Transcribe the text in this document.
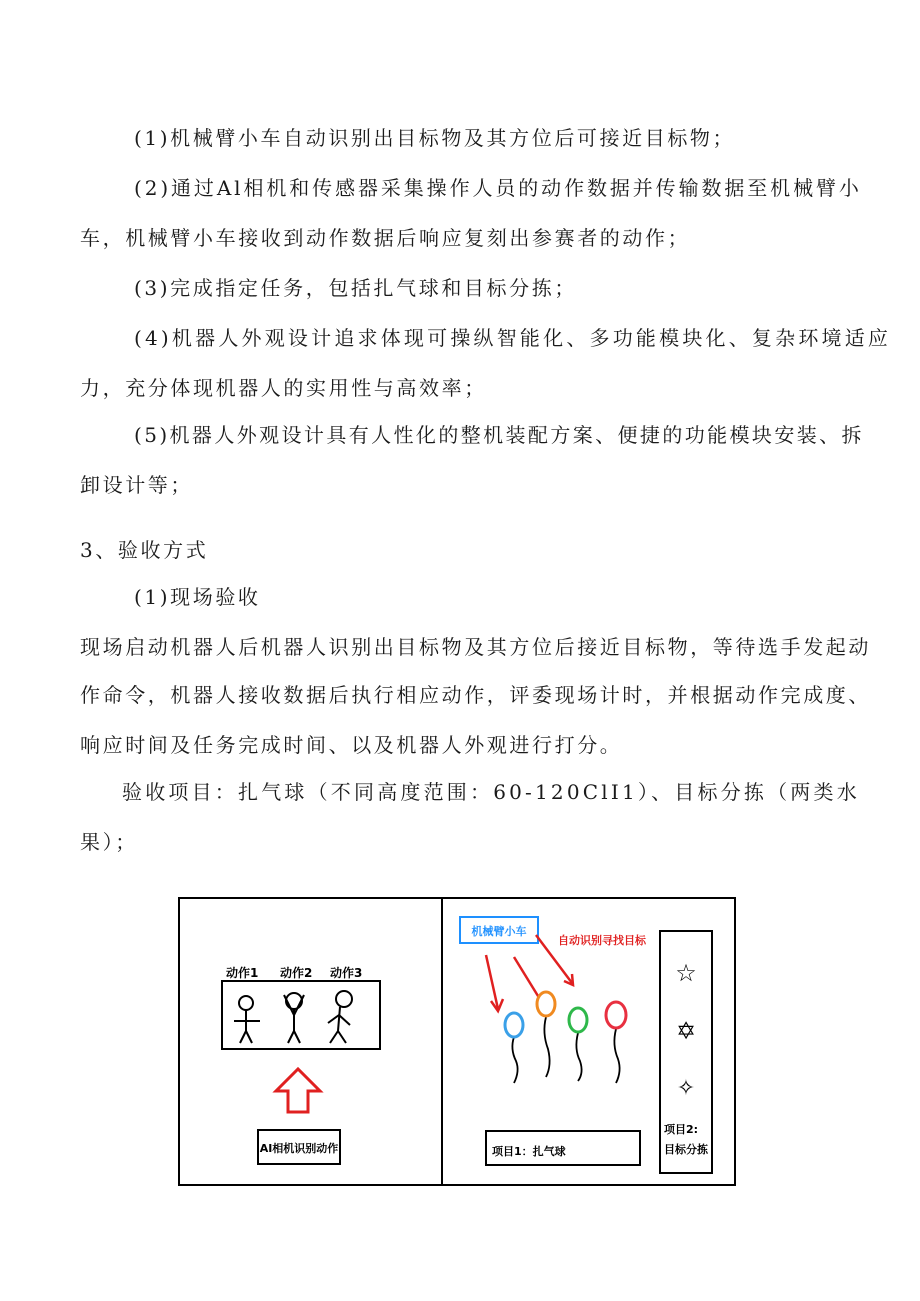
(1)机械臂小车自动识别出目标物及其方位后可接近目标物；
(2)通过Al相机和传感器采集操作人员的动作数据并传输数据至机械臂小
车，机械臂小车接收到动作数据后响应复刻出参赛者的动作；
(3)完成指定任务，包括扎气球和目标分拣；
(4)机器人外观设计追求体现可操纵智能化、多功能模块化、复杂环境适应
力，充分体现机器人的实用性与高效率；
(5)机器人外观设计具有人性化的整机装配方案、便捷的功能模块安装、拆
卸设计等；
3、验收方式
(1)现场验收
现场启动机器人后机器人识别出目标物及其方位后接近目标物，等待选手发起动
作命令，机器人接收数据后执行相应动作，评委现场计时，并根据动作完成度、
响应时间及任务完成时间、以及机器人外观进行打分。
验收项目：扎气球（不同高度范围：60-120ClI1）、目标分拣（两类水
果）；
动作1 动作2 动作3
AI相机识别动作
机械臂小车
自动识别寻找目标
☆
✡
✧
项目2:
目标分拣
项目1：扎气球
